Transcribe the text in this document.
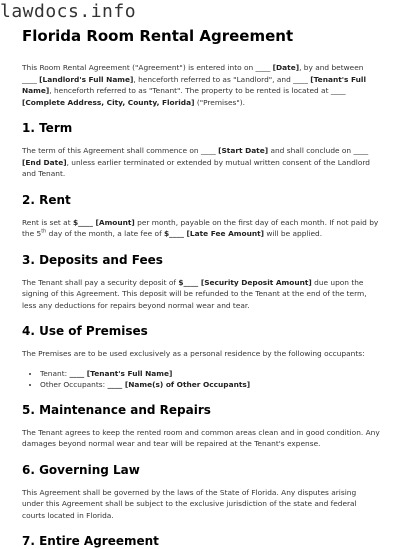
lawdocs.info
Florida Room Rental Agreement

This Room Rental Agreement ("Agreement") is entered into on ____ [Date], by and between ____ [Landlord's Full Name], henceforth referred to as "Landlord", and ____ [Tenant's Full Name], henceforth referred to as "Tenant". The property to be rented is located at ____ [Complete Address, City, County, Florida] ("Premises").

1. Term

The term of this Agreement shall commence on ____ [Start Date] and shall conclude on ____ [End Date], unless earlier terminated or extended by mutual written consent of the Landlord and Tenant.

2. Rent

Rent is set at $____ [Amount] per month, payable on the first day of each month. If not paid by the 5th day of the month, a late fee of $____ [Late Fee Amount] will be applied.

3. Deposits and Fees

The Tenant shall pay a security deposit of $____ [Security Deposit Amount] due upon the signing of this Agreement. This deposit will be refunded to the Tenant at the end of the term, less any deductions for repairs beyond normal wear and tear.

4. Use of Premises

The Premises are to be used exclusively as a personal residence by the following occupants:

• Tenant: ____ [Tenant's Full Name]
• Other Occupants: ____ [Name(s) of Other Occupants]
5. Maintenance and Repairs

The Tenant agrees to keep the rented room and common areas clean and in good condition. Any damages beyond normal wear and tear will be repaired at the Tenant's expense.

6. Governing Law

This Agreement shall be governed by the laws of the State of Florida. Any disputes arising under this Agreement shall be subject to the exclusive jurisdiction of the state and federal courts located in Florida.

7. Entire Agreement
